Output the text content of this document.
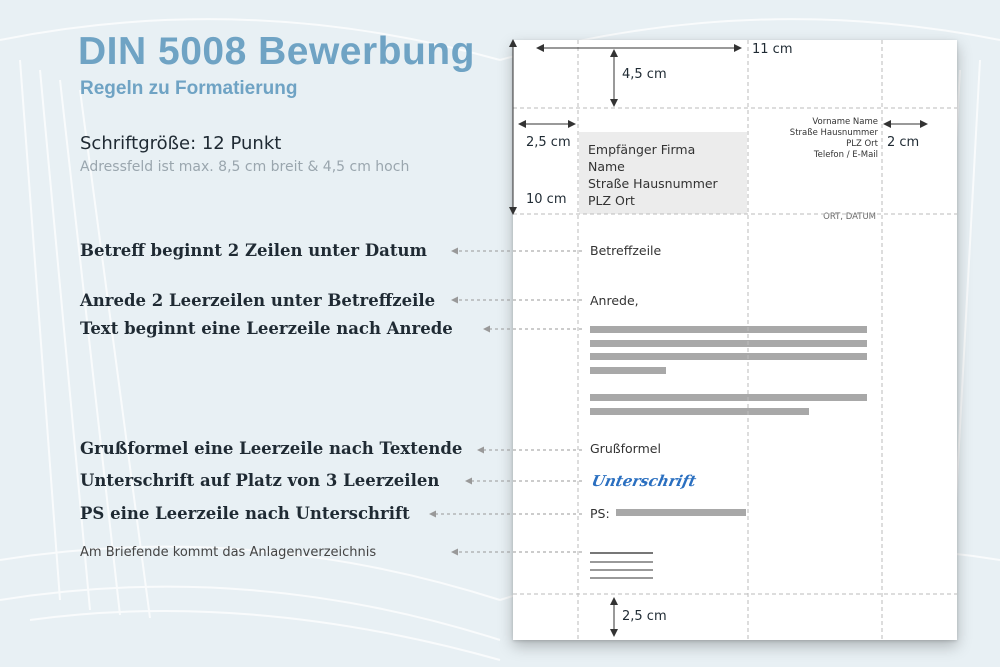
DIN 5008 Bewerbung
Regeln zu Formatierung
Schriftgröße: 12 Punkt
Adressfeld ist max. 8,5 cm breit & 4,5 cm hoch
Betreff beginnt 2 Zeilen unter Datum
Anrede 2 Leerzeilen unter Betreffzeile
Text beginnt eine Leerzeile nach Anrede
Grußformel eine Leerzeile nach Textende
Unterschrift auf Platz von 3 Leerzeilen
PS eine Leerzeile nach Unterschrift
Am Briefende kommt das Anlagenverzeichnis
Empfänger Firma
Name
Straße Hausnummer
PLZ Ort
Vorname Name
Straße Hausnummer
PLZ Ort
Telefon / E-Mail
ORT, DATUM
Betreffzeile
Anrede,
Grußformel
Unterschrift
PS:
11 cm
4,5 cm
2,5 cm
10 cm
2 cm
2,5 cm
